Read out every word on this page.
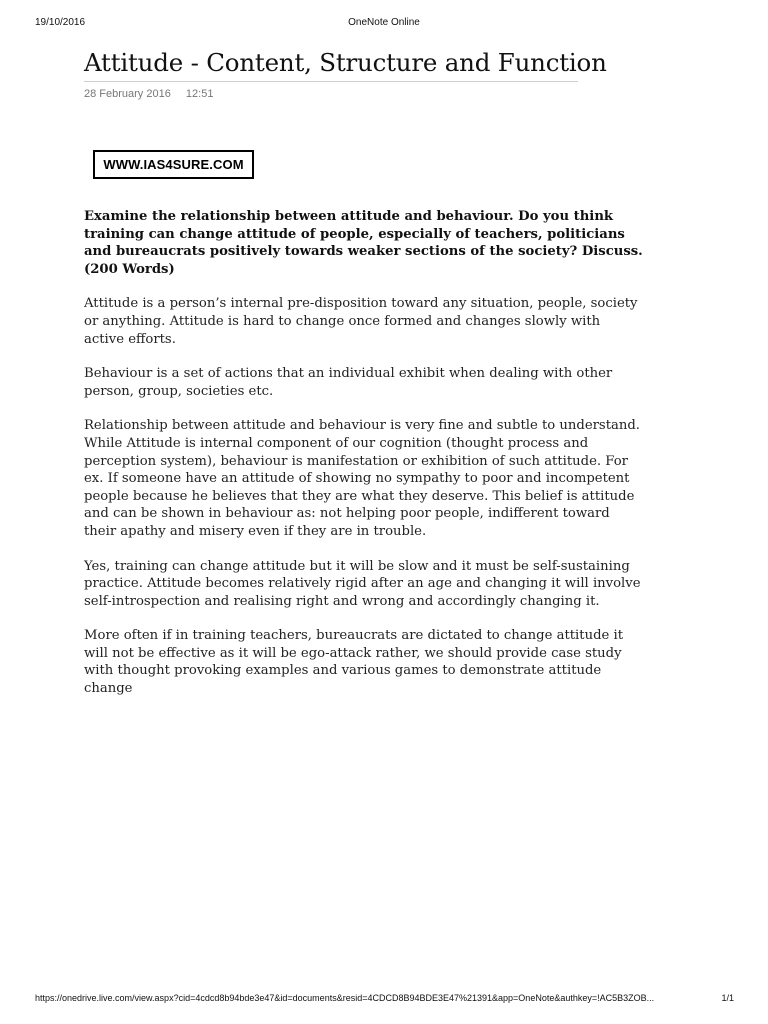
19/10/2016	OneNote Online
Attitude - Content, Structure and Function
28 February 2016 12:51
WWW.IAS4SURE.COM

Examine the relationship between attitude and behaviour. Do you think training can change attitude of people, especially of teachers, politicians and bureaucrats positively towards weaker sections of the society? Discuss. (200 Words)

Attitude is a person’s internal pre-disposition toward any situation, people, society or anything. Attitude is hard to change once formed and changes slowly with active efforts.

Behaviour is a set of actions that an individual exhibit when dealing with other person, group, societies etc.

Relationship between attitude and behaviour is very fine and subtle to understand. While Attitude is internal component of our cognition (thought process and perception system), behaviour is manifestation or exhibition of such attitude. For ex. If someone have an attitude of showing no sympathy to poor and incompetent people because he believes that they are what they deserve. This belief is attitude and can be shown in behaviour as: not helping poor people, indifferent toward their apathy and misery even if they are in trouble.

Yes, training can change attitude but it will be slow and it must be self-sustaining practice. Attitude becomes relatively rigid after an age and changing it will involve self-introspection and realising right and wrong and accordingly changing it.

More often if in training teachers, bureaucrats are dictated to change attitude it will not be effective as it will be ego-attack rather, we should provide case study with thought provoking examples and various games to demonstrate attitude change

https://onedrive.live.com/view.aspx?cid=4cdcd8b94bde3e47&id=documents&resid=4CDCD8B94BDE3E47%21391&app=OneNote&authkey=!AC5B3ZOB...	1/1
